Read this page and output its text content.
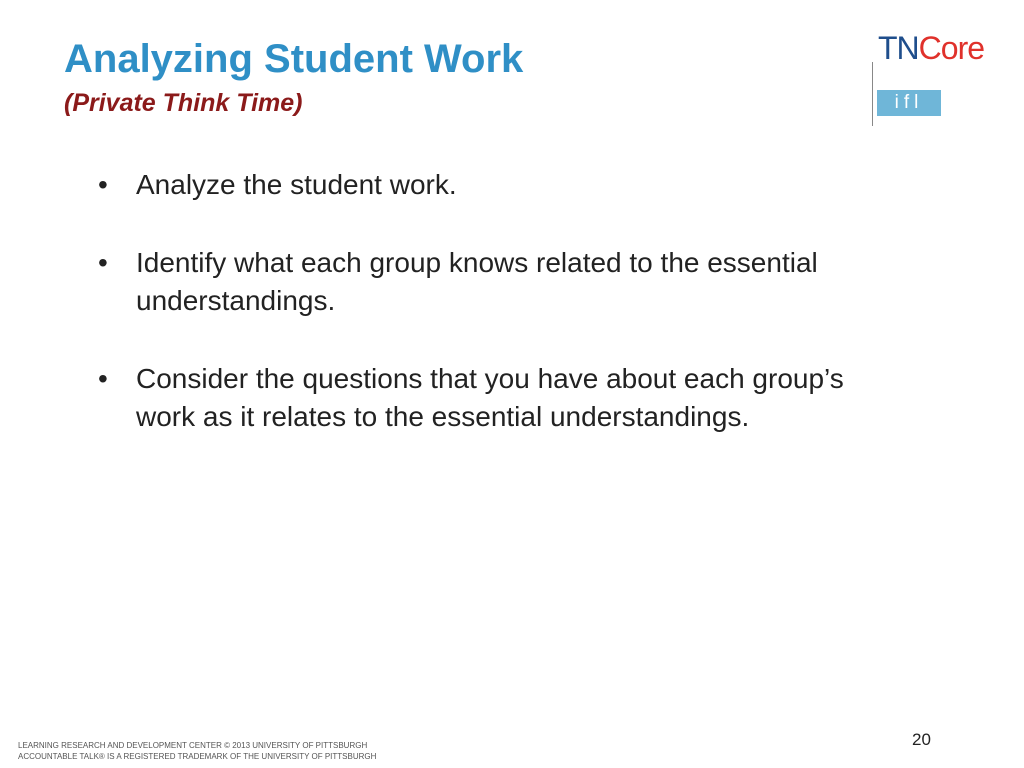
Analyzing Student Work
(Private Think Time)
TNCore
ifl
• Analyze the student work.
• Identify what each group knows related to the essential understandings.
• Consider the questions that you have about each group’s work as it relates to the essential understandings.
LEARNING RESEARCH AND DEVELOPMENT CENTER © 2013 UNIVERSITY OF PITTSBURGH
ACCOUNTABLE TALK® IS A REGISTERED TRADEMARK OF THE UNIVERSITY OF PITTSBURGH
20
